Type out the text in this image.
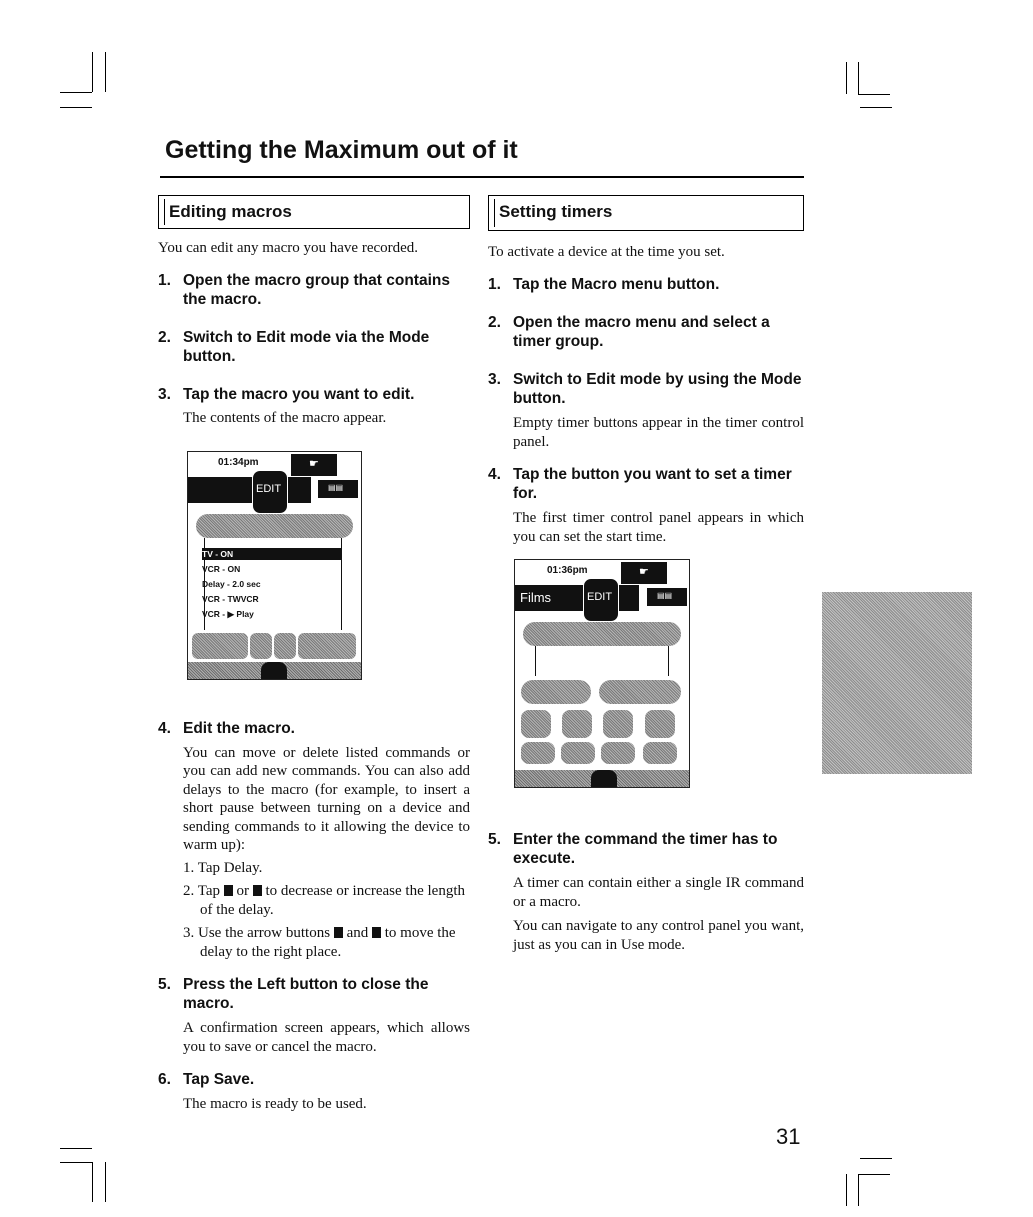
Getting the Maximum out of it
Editing macros

You can edit any macro you have recorded.

1. Open the macro group that contains the macro.
2. Switch to Edit mode via the Mode button.
3. Tap the macro you want to edit.

The contents of the macro appear.

4. Edit the macro.

You can move or delete listed commands or you can add new commands. You can also add delays to the macro (for example, to insert a short pause between turning on a device and sending commands to it allowing the device to warm up):

1. Tap Delay.
2. Tap or to decrease or increase the length of the delay.
3. Use the arrow buttons and to move the delay to the right place.
5. Press the Left button to close the macro.

A confirmation screen appears, which allows you to save or cancel the macro.

6. Tap Save.

The macro is ready to be used.

01:34pm	☛
EDIT	▤▤
TV - ON
VCR - ON
Delay - 2.0 sec
VCR - TWVCR
VCR - ▶ Play
Setting timers

To activate a device at the time you set.

1. Tap the Macro menu button.
2. Open the macro menu and select a timer group.
3. Switch to Edit mode by using the Mode button.

Empty timer buttons appear in the timer control panel.

4. Tap the button you want to set a timer for.

The first timer control panel appears in which you can set the start time.

5. Enter the command the timer has to execute.

A timer can contain either a single IR command or a macro.

You can navigate to any control panel you want, just as you can in Use mode.

01:36pm	☛
Films	EDIT	▤▤

31
